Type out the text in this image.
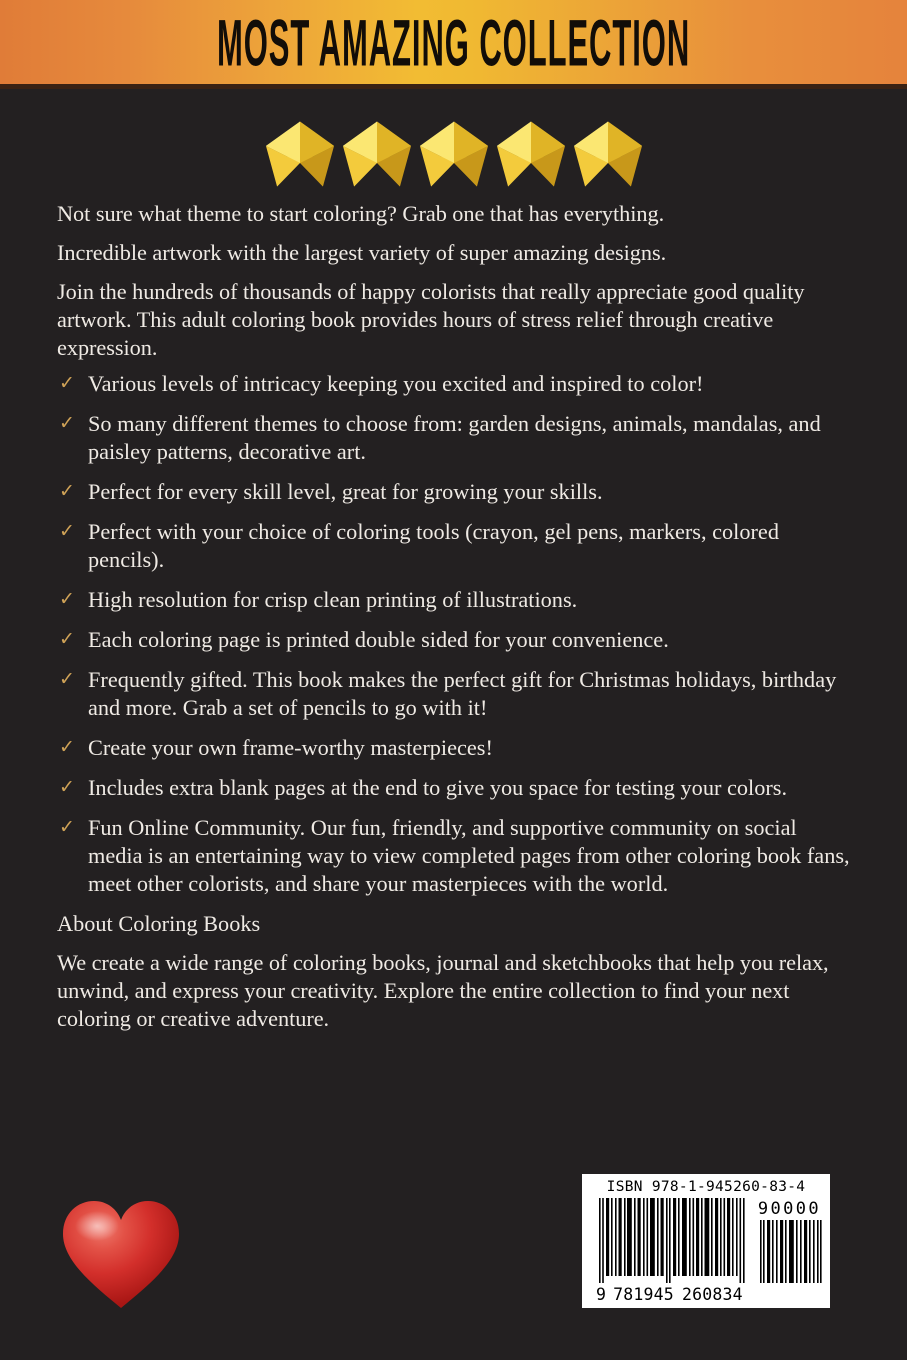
MOST AMAZING COLLECTION

Not sure what theme to start coloring? Grab one that has everything.

Incredible artwork with the largest variety of super amazing designs.

Join the hundreds of thousands of happy colorists that really appreciate good quality artwork. This adult coloring book provides hours of stress relief through creative expression.

✓ Various levels of intricacy keeping you excited and inspired to color!
✓ So many different themes to choose from: garden designs, animals, mandalas, and paisley patterns, decorative art.
✓ Perfect for every skill level, great for growing your skills.
✓ Perfect with your choice of coloring tools (crayon, gel pens, markers, colored pencils).
✓ High resolution for crisp clean printing of illustrations.
✓ Each coloring page is printed double sided for your convenience.
✓ Frequently gifted. This book makes the perfect gift for Christmas holidays, birthday and more. Grab a set of pencils to go with it!
✓ Create your own frame-worthy masterpieces!
✓ Includes extra blank pages at the end to give you space for testing your colors.
✓ Fun Online Community. Our fun, friendly, and supportive community on social media is an entertaining way to view completed pages from other coloring book fans, meet other colorists, and share your masterpieces with the world.
About Coloring Books

We create a wide range of coloring books, journal and sketchbooks that help you relax, unwind, and express your creativity. Explore the entire collection to find your next coloring or creative adventure.

ISBN 978-1-945260-83-4
90000
9 781945 260834
